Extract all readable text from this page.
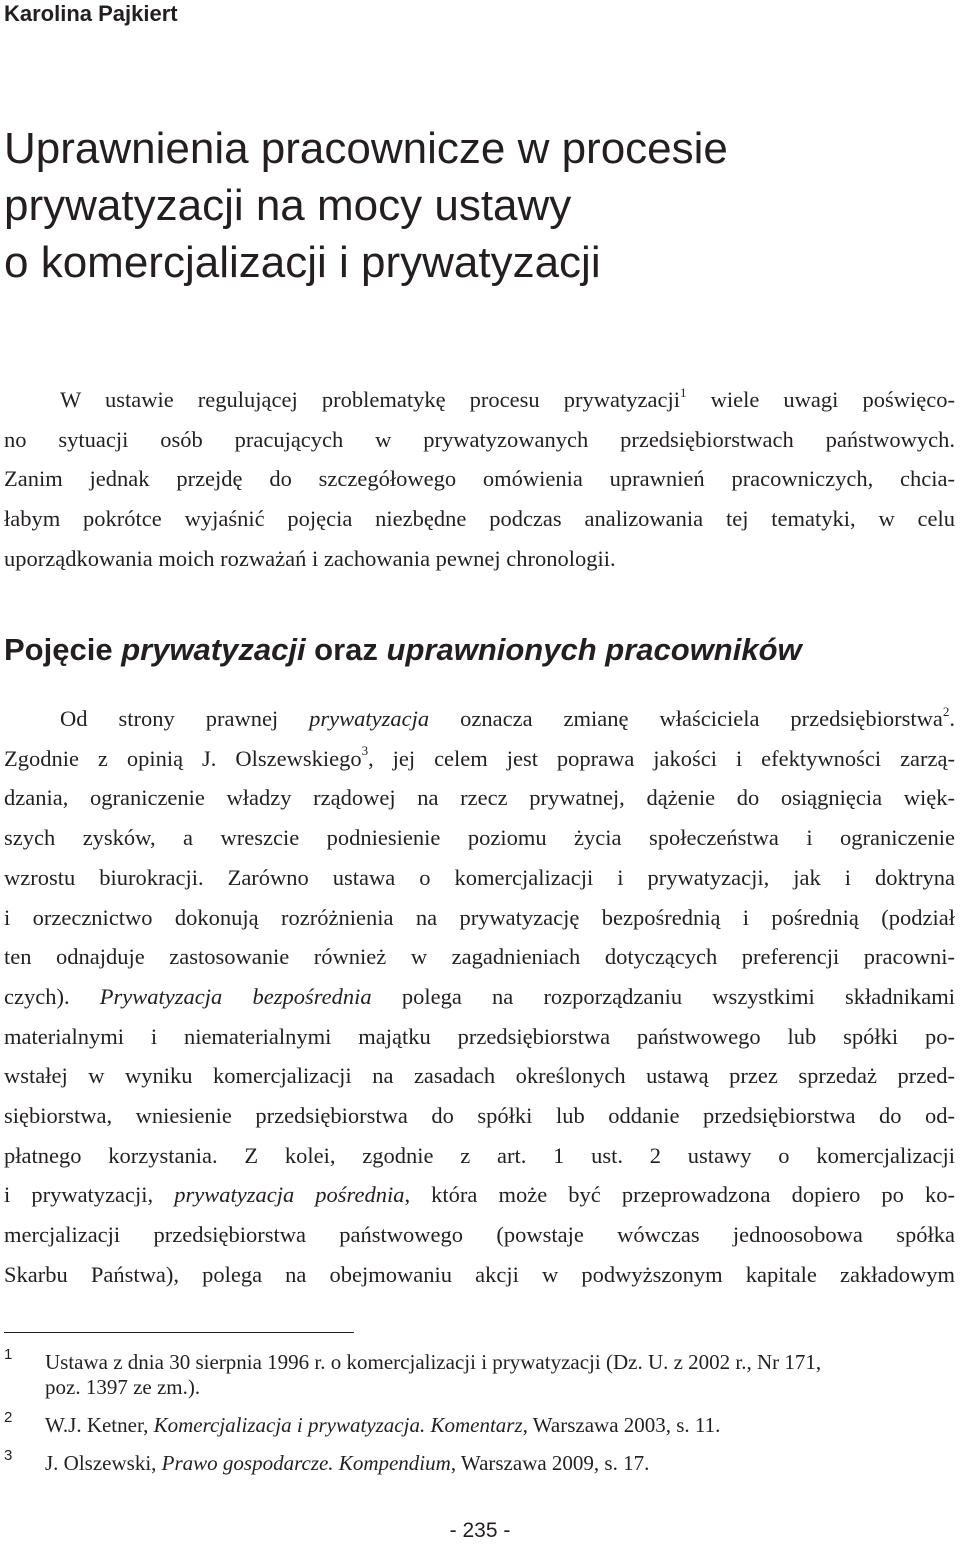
Karolina Pajkiert
Uprawnienia pracownicze w procesie
prywatyzacji na mocy ustawy
o komercjalizacji i prywatyzacji
W ustawie regulującej problematykę procesu prywatyzacji$^1$ wiele uwagi poświęco-
no sytuacji osób pracujących w prywatyzowanych przedsiębiorstwach państwowych.
Zanim jednak przejdę do szczegółowego omówienia uprawnień pracowniczych, chcia-
łabym pokrótce wyjaśnić pojęcia niezbędne podczas analizowania tej tematyki, w celu
uporządkowania moich rozważań i zachowania pewnej chronologii.
Pojęcie prywatyzacji oraz uprawnionych pracowników
Od strony prawnej prywatyzacja oznacza zmianę właściciela przedsiębiorstwa$^2$.
Zgodnie z opinią J. Olszewskiego$^3$, jej celem jest poprawa jakości i efektywności zarzą-
dzania, ograniczenie władzy rządowej na rzecz prywatnej, dążenie do osiągnięcia więk-
szych zysków, a wreszcie podniesienie poziomu życia społeczeństwa i ograniczenie
wzrostu biurokracji. Zarówno ustawa o komercjalizacji i prywatyzacji, jak i doktryna
i orzecznictwo dokonują rozróżnienia na prywatyzację bezpośrednią i pośrednią (podział
ten odnajduje zastosowanie również w zagadnieniach dotyczących preferencji pracowni-
czych). Prywatyzacja bezpośrednia polega na rozporządzaniu wszystkimi składnikami
materialnymi i niematerialnymi majątku przedsiębiorstwa państwowego lub spółki po-
wstałej w wyniku komercjalizacji na zasadach określonych ustawą przez sprzedaż przed-
siębiorstwa, wniesienie przedsiębiorstwa do spółki lub oddanie przedsiębiorstwa do od-
płatnego korzystania. Z kolei, zgodnie z art. 1 ust. 2 ustawy o komercjalizacji
i prywatyzacji, prywatyzacja pośrednia, która może być przeprowadzona dopiero po ko-
mercjalizacji przedsiębiorstwa państwowego (powstaje wówczas jednoosobowa spółka
Skarbu Państwa), polega na obejmowaniu akcji w podwyższonym kapitale zakładowym
1 Ustawa z dnia 30 sierpnia 1996 r. o komercjalizacji i prywatyzacji (Dz. U. z 2002 r., Nr 171,
poz. 1397 ze zm.).
2 W.J. Ketner, Komercjalizacja i prywatyzacja. Komentarz, Warszawa 2003, s. 11.
3 J. Olszewski, Prawo gospodarcze. Kompendium, Warszawa 2009, s. 17.
- 235 -
